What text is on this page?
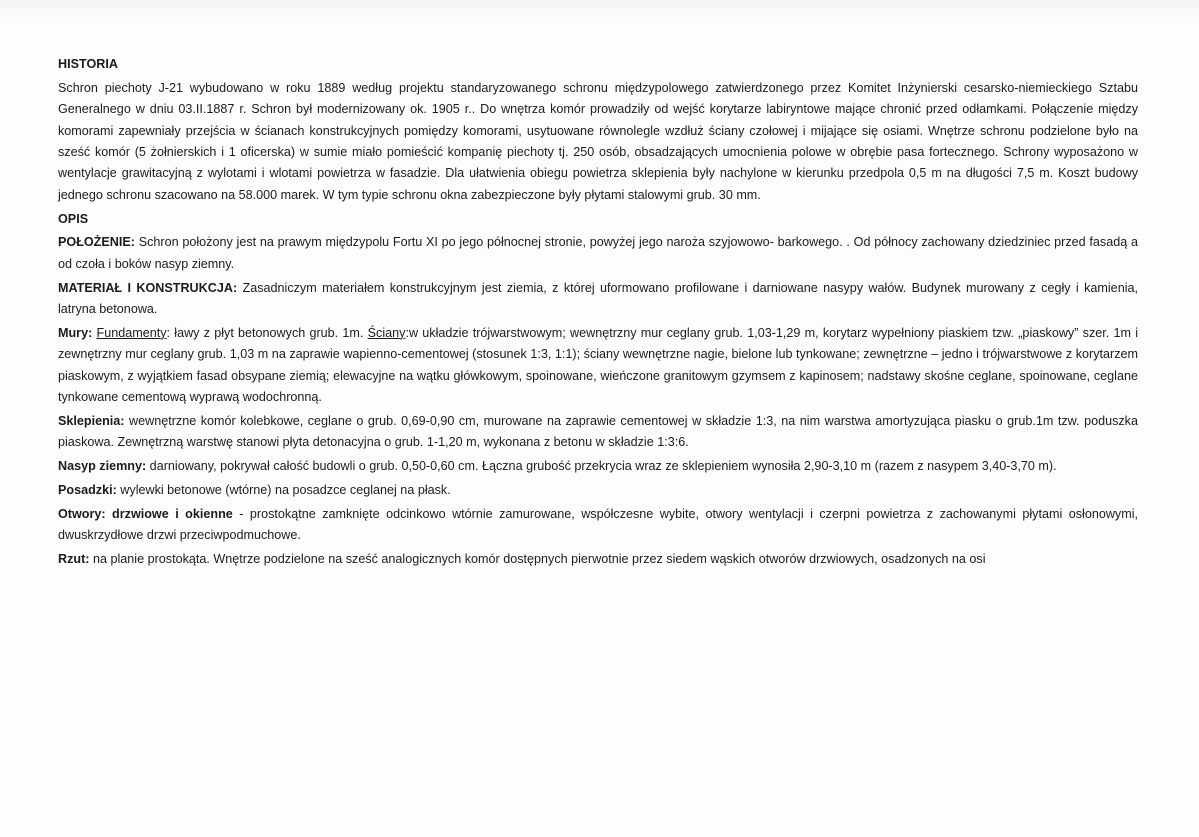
HISTORIA

Schron piechoty J-21 wybudowano w roku 1889 według projektu standaryzowanego schronu międzypolowego zatwierdzonego przez Komitet Inżynierski cesarsko-niemieckiego Sztabu Generalnego w dniu 03.II.1887 r. Schron był modernizowany ok. 1905 r.. Do wnętrza komór prowadziły od wejść korytarze labiryntowe mające chronić przed odłamkami. Połączenie między komorami zapewniały przejścia w ścianach konstrukcyjnych pomiędzy komorami, usytuowane równolegle wzdłuż ściany czołowej i mijające się osiami. Wnętrze schronu podzielone było na sześć komór (5 żołnierskich i 1 oficerska) w sumie miało pomieścić kompanię piechoty tj. 250 osób, obsadzających umocnienia polowe w obrębie pasa fortecznego. Schrony wyposażono w wentylacje grawitacyjną z wylotami i wlotami powietrza w fasadzie. Dla ułatwienia obiegu powietrza sklepienia były nachylone w kierunku przedpola 0,5 m na długości 7,5 m. Koszt budowy jednego schronu szacowano na 58.000 marek. W tym typie schronu okna zabezpieczone były płytami stalowymi grub. 30 mm.

OPIS

POŁOŻENIE: Schron położony jest na prawym międzypolu Fortu XI po jego północnej stronie, powyżej jego naroża szyjowowo- barkowego. . Od północy zachowany dziedziniec przed fasadą a od czoła i boków nasyp ziemny.

MATERIAŁ I KONSTRUKCJA: Zasadniczym materiałem konstrukcyjnym jest ziemia, z której uformowano profilowane i darniowane nasypy wałów. Budynek murowany z cegły i kamienia, latryna betonowa.

Mury: Fundamenty: ławy z płyt betonowych grub. 1m. Ściany:w układzie trójwarstwowym; wewnętrzny mur ceglany grub. 1,03-1,29 m, korytarz wypełniony piaskiem tzw. „piaskowy” szer. 1m i zewnętrzny mur ceglany grub. 1,03 m na zaprawie wapienno-cementowej (stosunek 1:3, 1:1); ściany wewnętrzne nagie, bielone lub tynkowane; zewnętrzne – jedno i trójwarstwowe z korytarzem piaskowym, z wyjątkiem fasad obsypane ziemią; elewacyjne na wątku główkowym, spoinowane, wieńczone granitowym gzymsem z kapinosem; nadstawy skośne ceglane, spoinowane, ceglane tynkowane cementową wyprawą wodochronną.

Sklepienia: wewnętrzne komór kolebkowe, ceglane o grub. 0,69-0,90 cm, murowane na zaprawie cementowej w składzie 1:3, na nim warstwa amortyzująca piasku o grub.1m tzw. poduszka piaskowa. Zewnętrzną warstwę stanowi płyta detonacyjna o grub. 1-1,20 m, wykonana z betonu w składzie 1:3:6.

Nasyp ziemny: darniowany, pokrywał całość budowli o grub. 0,50-0,60 cm. Łączna grubość przekrycia wraz ze sklepieniem wynosiła 2,90-3,10 m (razem z nasypem 3,40-3,70 m).

Posadzki: wylewki betonowe (wtórne) na posadzce ceglanej na płask.

Otwory: drzwiowe i okienne - prostokątne zamknięte odcinkowo wtórnie zamurowane, współczesne wybite, otwory wentylacji i czerpni powietrza z zachowanymi płytami osłonowymi, dwuskrzydłowe drzwi przeciwpodmuchowe.

Rzut: na planie prostokąta. Wnętrze podzielone na sześć analogicznych komór dostępnych pierwotnie przez siedem wąskich otworów drzwiowych, osadzonych na osi
